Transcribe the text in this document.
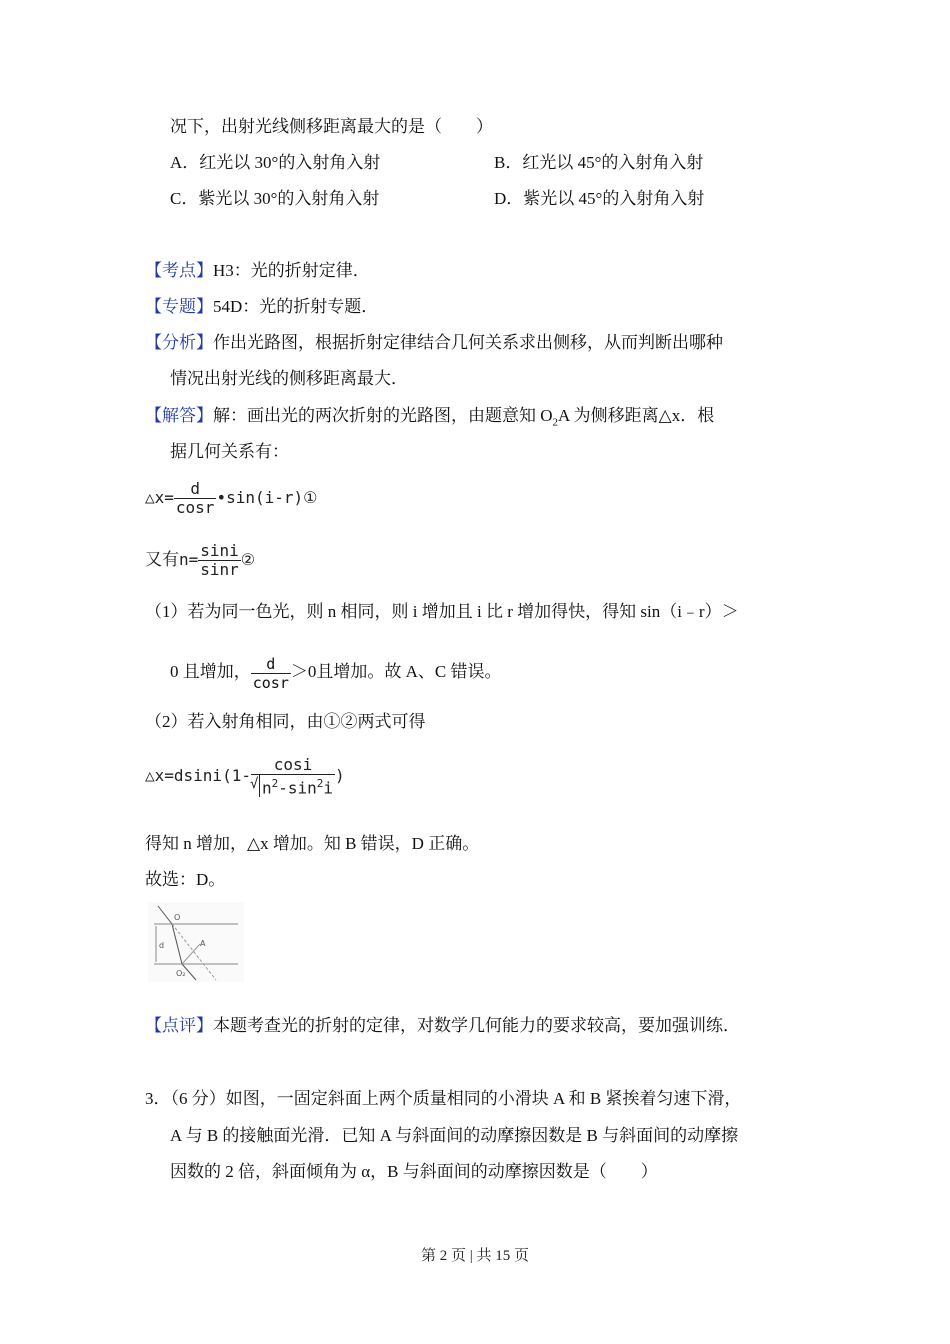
况下，出射光线侧移距离最大的是（　　）
A．红光以 30°的入射角入射	B．红光以 45°的入射角入射
C．紫光以 30°的入射角入射	D．紫光以 45°的入射角入射
【考点】H3：光的折射定律．
【专题】54D：光的折射专题．
【分析】作出光路图，根据折射定律结合几何关系求出侧移，从而判断出哪种
情况出射光线的侧移距离最大．
【解答】解：画出光的两次折射的光路图，由题意知 $O_2A$ 为侧移距离△x．根
据几何关系有：
△x= $\frac{d}{\cos r}$ •sin(i-r)①
又有$n= \frac{\sin i}{\sin r}$ ②
（1）若为同一色光，则 n 相同，则 i 增加且 i 比 r 增加得快，得知 sin（i﹣r）＞
0 且增加， $\frac{d}{\cos r} >0$且增加。故 A、C 错误。
（2）若入射角相同，由①②两式可得
△x=dsini(1- $\frac{\cos i}{√ n^2-\sin^2i}$ )
得知 n 增加，△x 增加。知 B 错误，D 正确。
故选：D。
O
A
d
O₂
【点评】本题考查光的折射的定律，对数学几何能力的要求较高，要加强训练．
3．（6 分）如图，一固定斜面上两个质量相同的小滑块 A 和 B 紧挨着匀速下滑，
A 与 B 的接触面光滑．已知 A 与斜面间的动摩擦因数是 B 与斜面间的动摩擦
因数的 2 倍，斜面倾角为 α，B 与斜面间的动摩擦因数是（　　）
第 2 页 | 共 15 页
